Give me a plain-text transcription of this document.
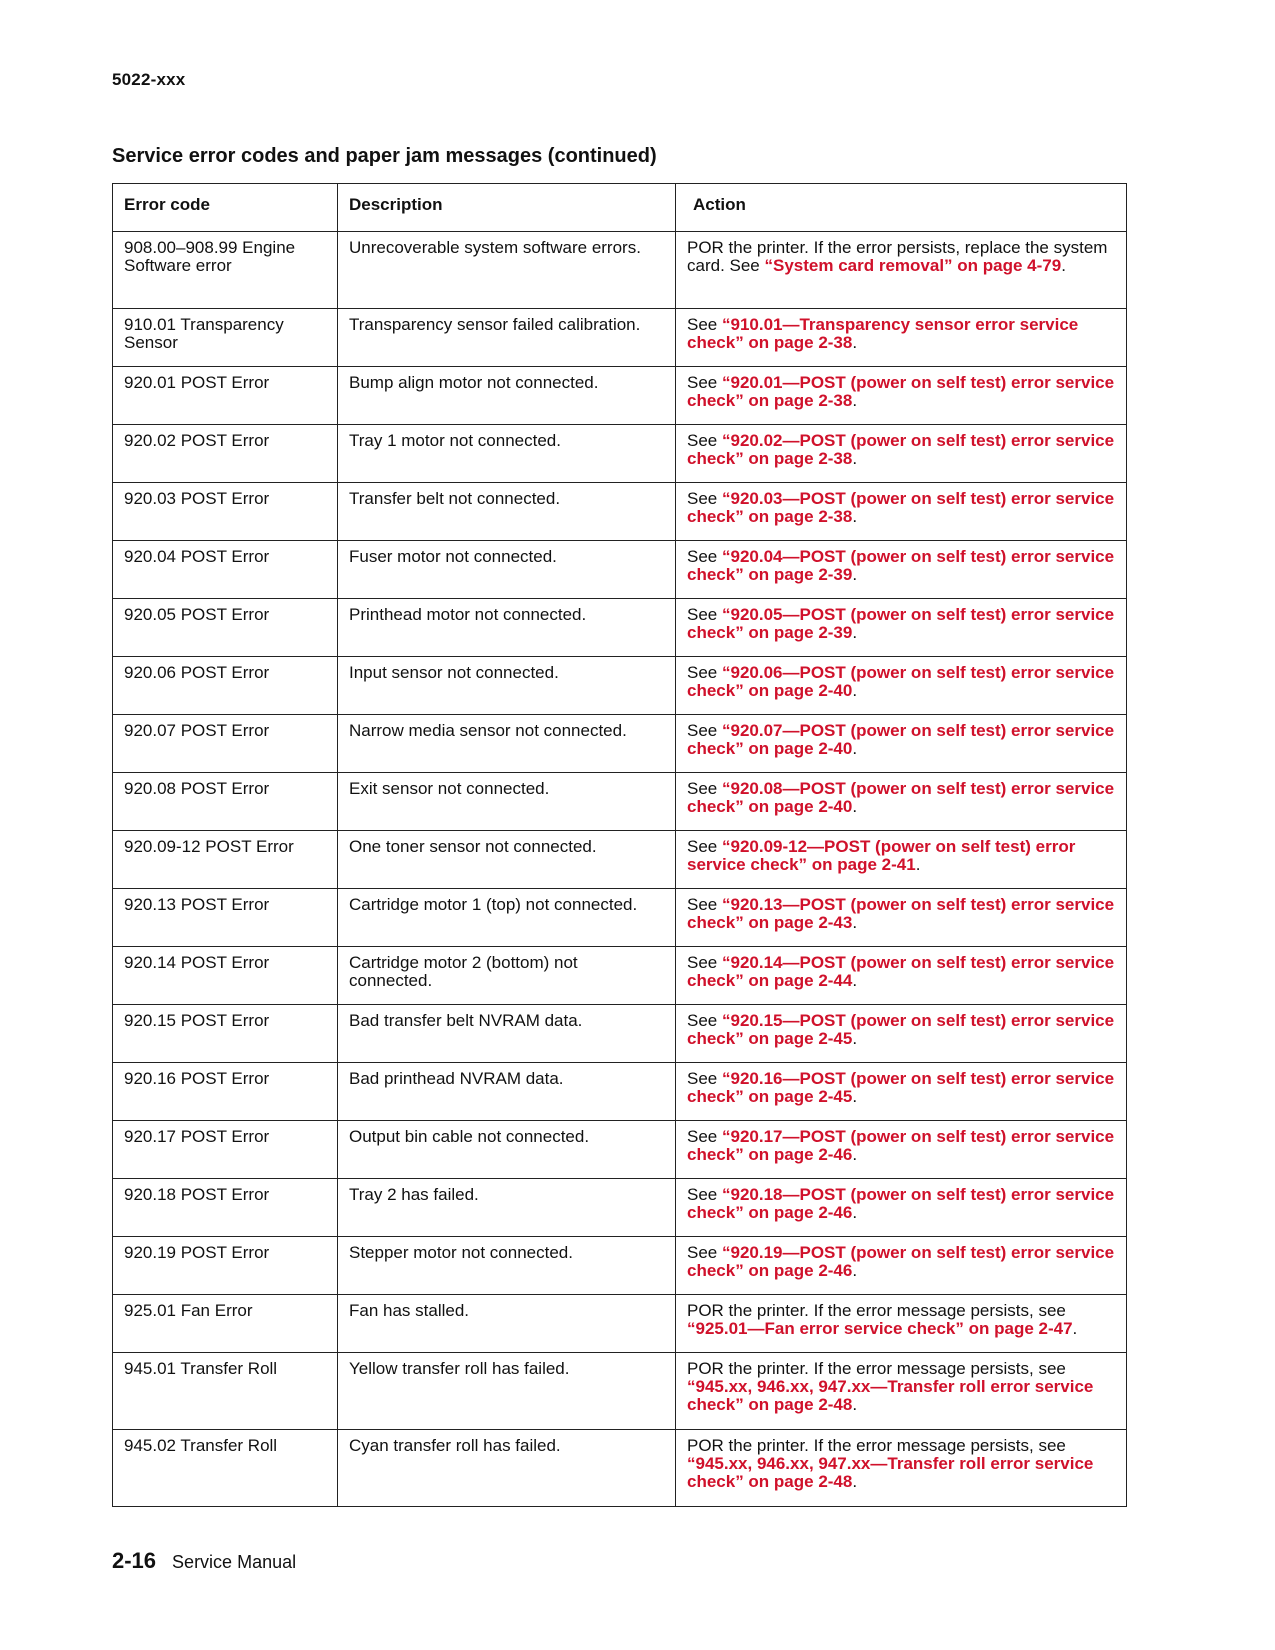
5022-xxx
Service error codes and paper jam messages (continued)
Error code	Description	Action
908.00–908.99 Engine Software error	Unrecoverable system software errors.	POR the printer. If the error persists, replace the system card. See “System card removal” on page 4-79.
910.01 Transparency Sensor	Transparency sensor failed calibration.	See “910.01—Transparency sensor error service check” on page 2-38.
920.01 POST Error	Bump align motor not connected.	See “920.01—POST (power on self test) error service check” on page 2-38.
920.02 POST Error	Tray 1 motor not connected.	See “920.02—POST (power on self test) error service check” on page 2-38.
920.03 POST Error	Transfer belt not connected.	See “920.03—POST (power on self test) error service check” on page 2-38.
920.04 POST Error	Fuser motor not connected.	See “920.04—POST (power on self test) error service check” on page 2-39.
920.05 POST Error	Printhead motor not connected.	See “920.05—POST (power on self test) error service check” on page 2-39.
920.06 POST Error	Input sensor not connected.	See “920.06—POST (power on self test) error service check” on page 2-40.
920.07 POST Error	Narrow media sensor not connected.	See “920.07—POST (power on self test) error service check” on page 2-40.
920.08 POST Error	Exit sensor not connected.	See “920.08—POST (power on self test) error service check” on page 2-40.
920.09-12 POST Error	One toner sensor not connected.	See “920.09-12—POST (power on self test) error service check” on page 2-41.
920.13 POST Error	Cartridge motor 1 (top) not connected.	See “920.13—POST (power on self test) error service check” on page 2-43.
920.14 POST Error	Cartridge motor 2 (bottom) not connected.	See “920.14—POST (power on self test) error service check” on page 2-44.
920.15 POST Error	Bad transfer belt NVRAM data.	See “920.15—POST (power on self test) error service check” on page 2-45.
920.16 POST Error	Bad printhead NVRAM data.	See “920.16—POST (power on self test) error service check” on page 2-45.
920.17 POST Error	Output bin cable not connected.	See “920.17—POST (power on self test) error service check” on page 2-46.
920.18 POST Error	Tray 2 has failed.	See “920.18—POST (power on self test) error service check” on page 2-46.
920.19 POST Error	Stepper motor not connected.	See “920.19—POST (power on self test) error service check” on page 2-46.
925.01 Fan Error	Fan has stalled.	POR the printer. If the error message persists, see “925.01—Fan error service check” on page 2-47.
945.01 Transfer Roll	Yellow transfer roll has failed.	POR the printer. If the error message persists, see “945.xx, 946.xx, 947.xx—Transfer roll error service check” on page 2-48.
945.02 Transfer Roll	Cyan transfer roll has failed.	POR the printer. If the error message persists, see “945.xx, 946.xx, 947.xx—Transfer roll error service check” on page 2-48.
2-16 Service Manual
